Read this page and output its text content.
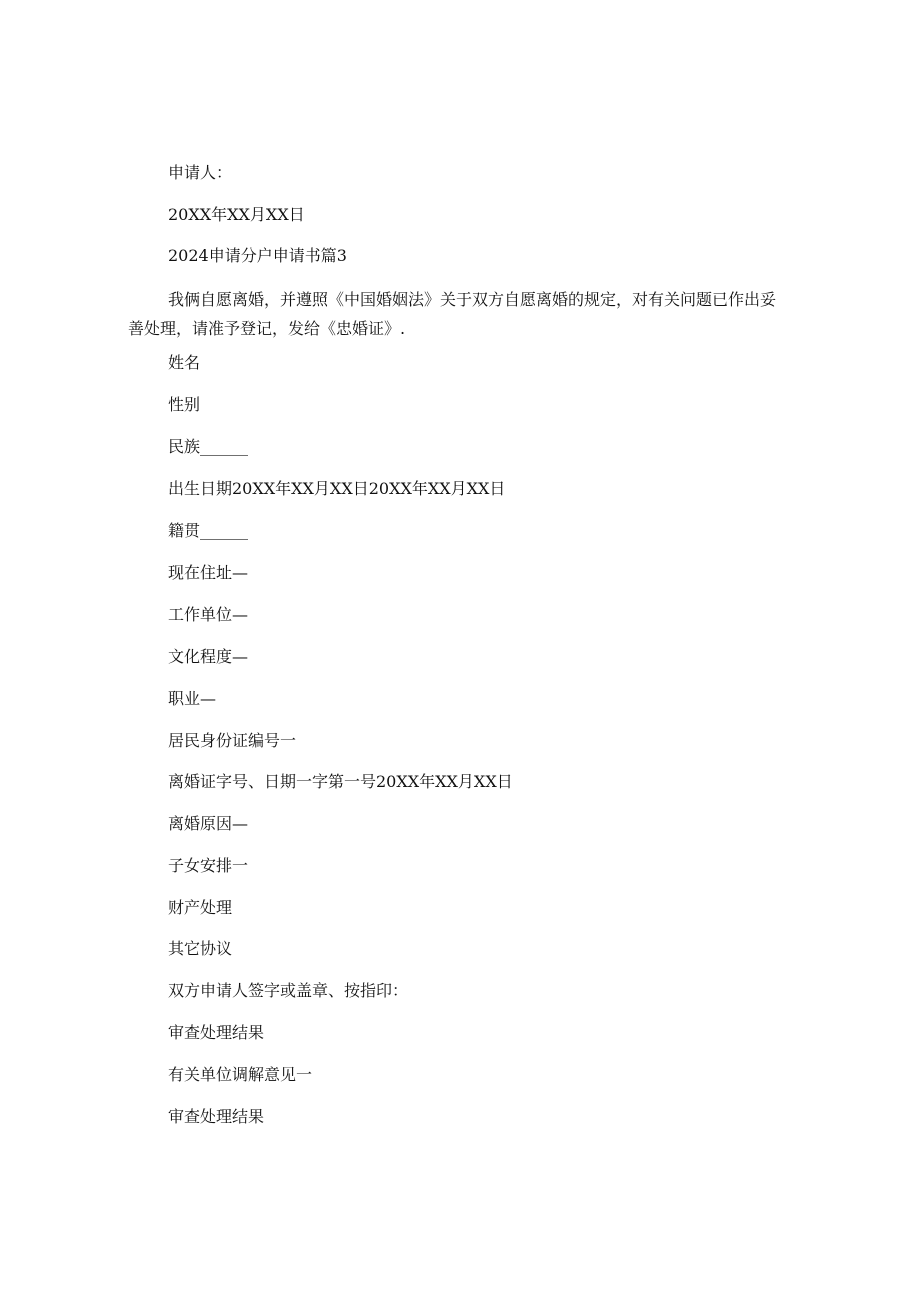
申请人：
20XX年XX月XX日
2024申请分户申请书篇3
我俩自愿离婚，并遵照《中国婚姻法》关于双方自愿离婚的规定，对有关问题已作出妥善处理，请准予登记，发给《忠婚证》.
姓名
性别
民族______
出生日期20XX年XX月XX日20XX年XX月XX日
籍贯______
现在住址—
工作单位—
文化程度—
职业—
居民身份证编号一
离婚证字号、日期一字第一号20XX年XX月XX日
离婚原因—
子女安排一
财产处理
其它协议
双方申请人签字或盖章、按指印：
审查处理结果
有关单位调解意见一
审查处理结果
